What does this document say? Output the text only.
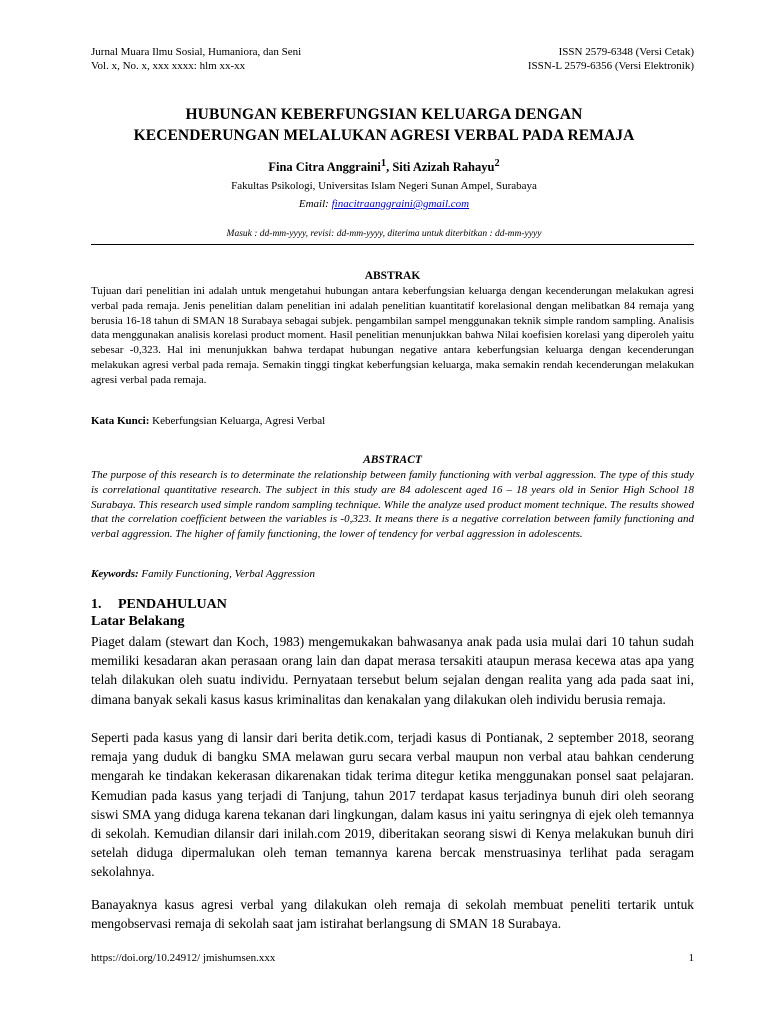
Jurnal Muara Ilmu Sosial, Humaniora, dan Seni
Vol. x, No. x, xxx xxxx: hlm xx-xx
ISSN 2579-6348 (Versi Cetak)
ISSN-L 2579-6356 (Versi Elektronik)
HUBUNGAN KEBERFUNGSIAN KELUARGA DENGAN
KECENDERUNGAN MELALUKAN AGRESI VERBAL PADA REMAJA
Fina Citra Anggraini$^1$, Siti Azizah Rahayu$^2$
Fakultas Psikologi, Universitas Islam Negeri Sunan Ampel, Surabaya
Email: finacitraanggraini@gmail.com
Masuk : dd-mm-yyyy, revisi: dd-mm-yyyy, diterima untuk diterbitkan : dd-mm-yyyy
ABSTRAK
Tujuan dari penelitian ini adalah untuk mengetahui hubungan antara keberfungsian keluarga dengan kecenderungan melakukan agresi verbal pada remaja. Jenis penelitian dalam penelitian ini adalah penelitian kuantitatif korelasional dengan melibatkan 84 remaja yang berusia 16-18 tahun di SMAN 18 Surabaya sebagai subjek. pengambilan sampel menggunakan teknik simple random sampling. Analisis data menggunakan analisis korelasi product moment. Hasil penelitian menunjukkan bahwa Nilai koefisien korelasi yang diperoleh yaitu sebesar -0,323. Hal ini menunjukkan bahwa terdapat hubungan negative antara keberfungsian keluarga dengan kecenderungan melakukan agresi verbal pada remaja. Semakin tinggi tingkat keberfungsian keluarga, maka semakin rendah kecenderungan melakukan agresi verbal pada remaja.
Kata Kunci: Keberfungsian Keluarga, Agresi Verbal
ABSTRACT
The purpose of this research is to determinate the relationship between family functioning with verbal aggression. The type of this study is correlational quantitative research. The subject in this study are 84 adolescent aged 16 – 18 years old in Senior High School 18 Surabaya. This research used simple random sampling technique. While the analyze used product moment technique. The results showed that the correlation coefficient between the variables is -0,323. It means there is a negative correlation between family functioning and verbal aggression. The higher of family functioning, the lower of tendency for verbal aggression in adolescents.
Keywords: Family Functioning, Verbal Aggression
1. PENDAHULUAN
Latar Belakang
Piaget dalam (stewart dan Koch, 1983) mengemukakan bahwasanya anak pada usia mulai dari 10 tahun sudah memiliki kesadaran akan perasaan orang lain dan dapat merasa tersakiti ataupun merasa kecewa atas apa yang telah dilakukan oleh suatu individu. Pernyataan tersebut belum sejalan dengan realita yang ada pada saat ini, dimana banyak sekali kasus kasus kriminalitas dan kenakalan yang dilakukan oleh individu berusia remaja.
Seperti pada kasus yang di lansir dari berita detik.com, terjadi kasus di Pontianak, 2 september 2018, seorang remaja yang duduk di bangku SMA melawan guru secara verbal maupun non verbal atau bahkan cenderung mengarah ke tindakan kekerasan dikarenakan tidak terima ditegur ketika menggunakan ponsel saat pelajaran. Kemudian pada kasus yang terjadi di Tanjung, tahun 2017 terdapat kasus terjadinya bunuh diri oleh seorang siswi SMA yang diduga karena tekanan dari lingkungan, dalam kasus ini yaitu seringnya di ejek oleh temannya di sekolah. Kemudian dilansir dari inilah.com 2019, diberitakan seorang siswi di Kenya melakukan bunuh diri setelah diduga dipermalukan oleh teman temannya karena bercak menstruasinya terlihat pada seragam sekolahnya.
Banayaknya kasus agresi verbal yang dilakukan oleh remaja di sekolah membuat peneliti tertarik untuk mengobservasi remaja di sekolah saat jam istirahat berlangsung di SMAN 18 Surabaya.
https://doi.org/10.24912/ jmishumsen.xxx	1
